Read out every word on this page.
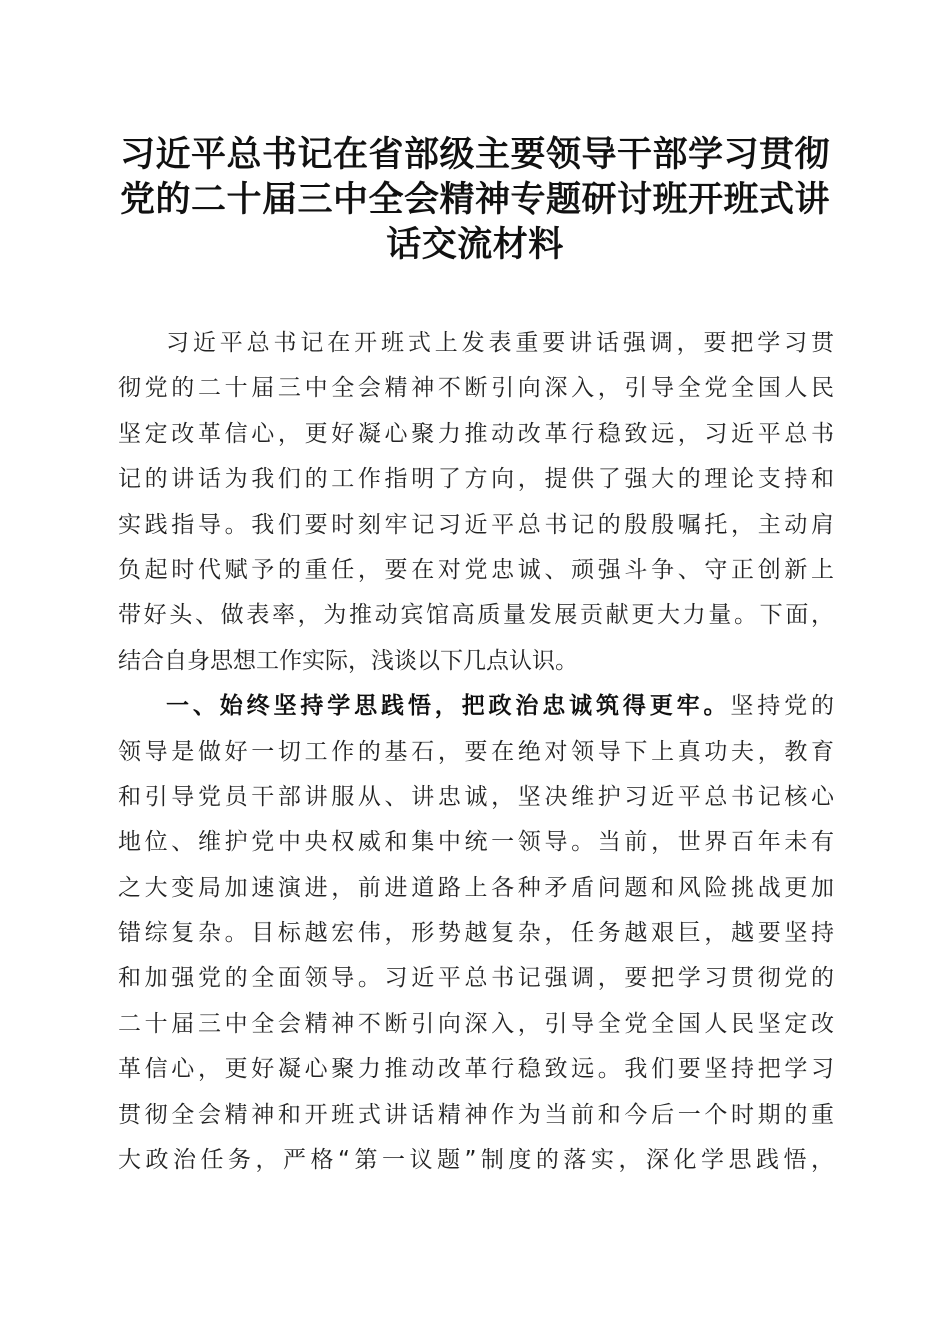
习近平总书记在省部级主要领导干部学习贯彻
党的二十届三中全会精神专题研讨班开班式讲
话交流材料
习近平总书记在开班式上发表重要讲话强调，要把学习贯
彻党的二十届三中全会精神不断引向深入，引导全党全国人民
坚定改革信心，更好凝心聚力推动改革行稳致远，习近平总书
记的讲话为我们的工作指明了方向，提供了强大的理论支持和
实践指导。我们要时刻牢记习近平总书记的殷殷嘱托，主动肩
负起时代赋予的重任，要在对党忠诚、顽强斗争、守正创新上
带好头、做表率，为推动宾馆高质量发展贡献更大力量。下面，
结合自身思想工作实际，浅谈以下几点认识。
一、始终坚持学思践悟，把政治忠诚筑得更牢。坚持党的
领导是做好一切工作的基石，要在绝对领导下上真功夫，教育
和引导党员干部讲服从、讲忠诚，坚决维护习近平总书记核心
地位、维护党中央权威和集中统一领导。当前，世界百年未有
之大变局加速演进，前进道路上各种矛盾问题和风险挑战更加
错综复杂。目标越宏伟，形势越复杂，任务越艰巨，越要坚持
和加强党的全面领导。习近平总书记强调，要把学习贯彻党的
二十届三中全会精神不断引向深入，引导全党全国人民坚定改
革信心，更好凝心聚力推动改革行稳致远。我们要坚持把学习
贯彻全会精神和开班式讲话精神作为当前和今后一个时期的重
大政治任务，严格“第一议题”制度的落实，深化学思践悟，
